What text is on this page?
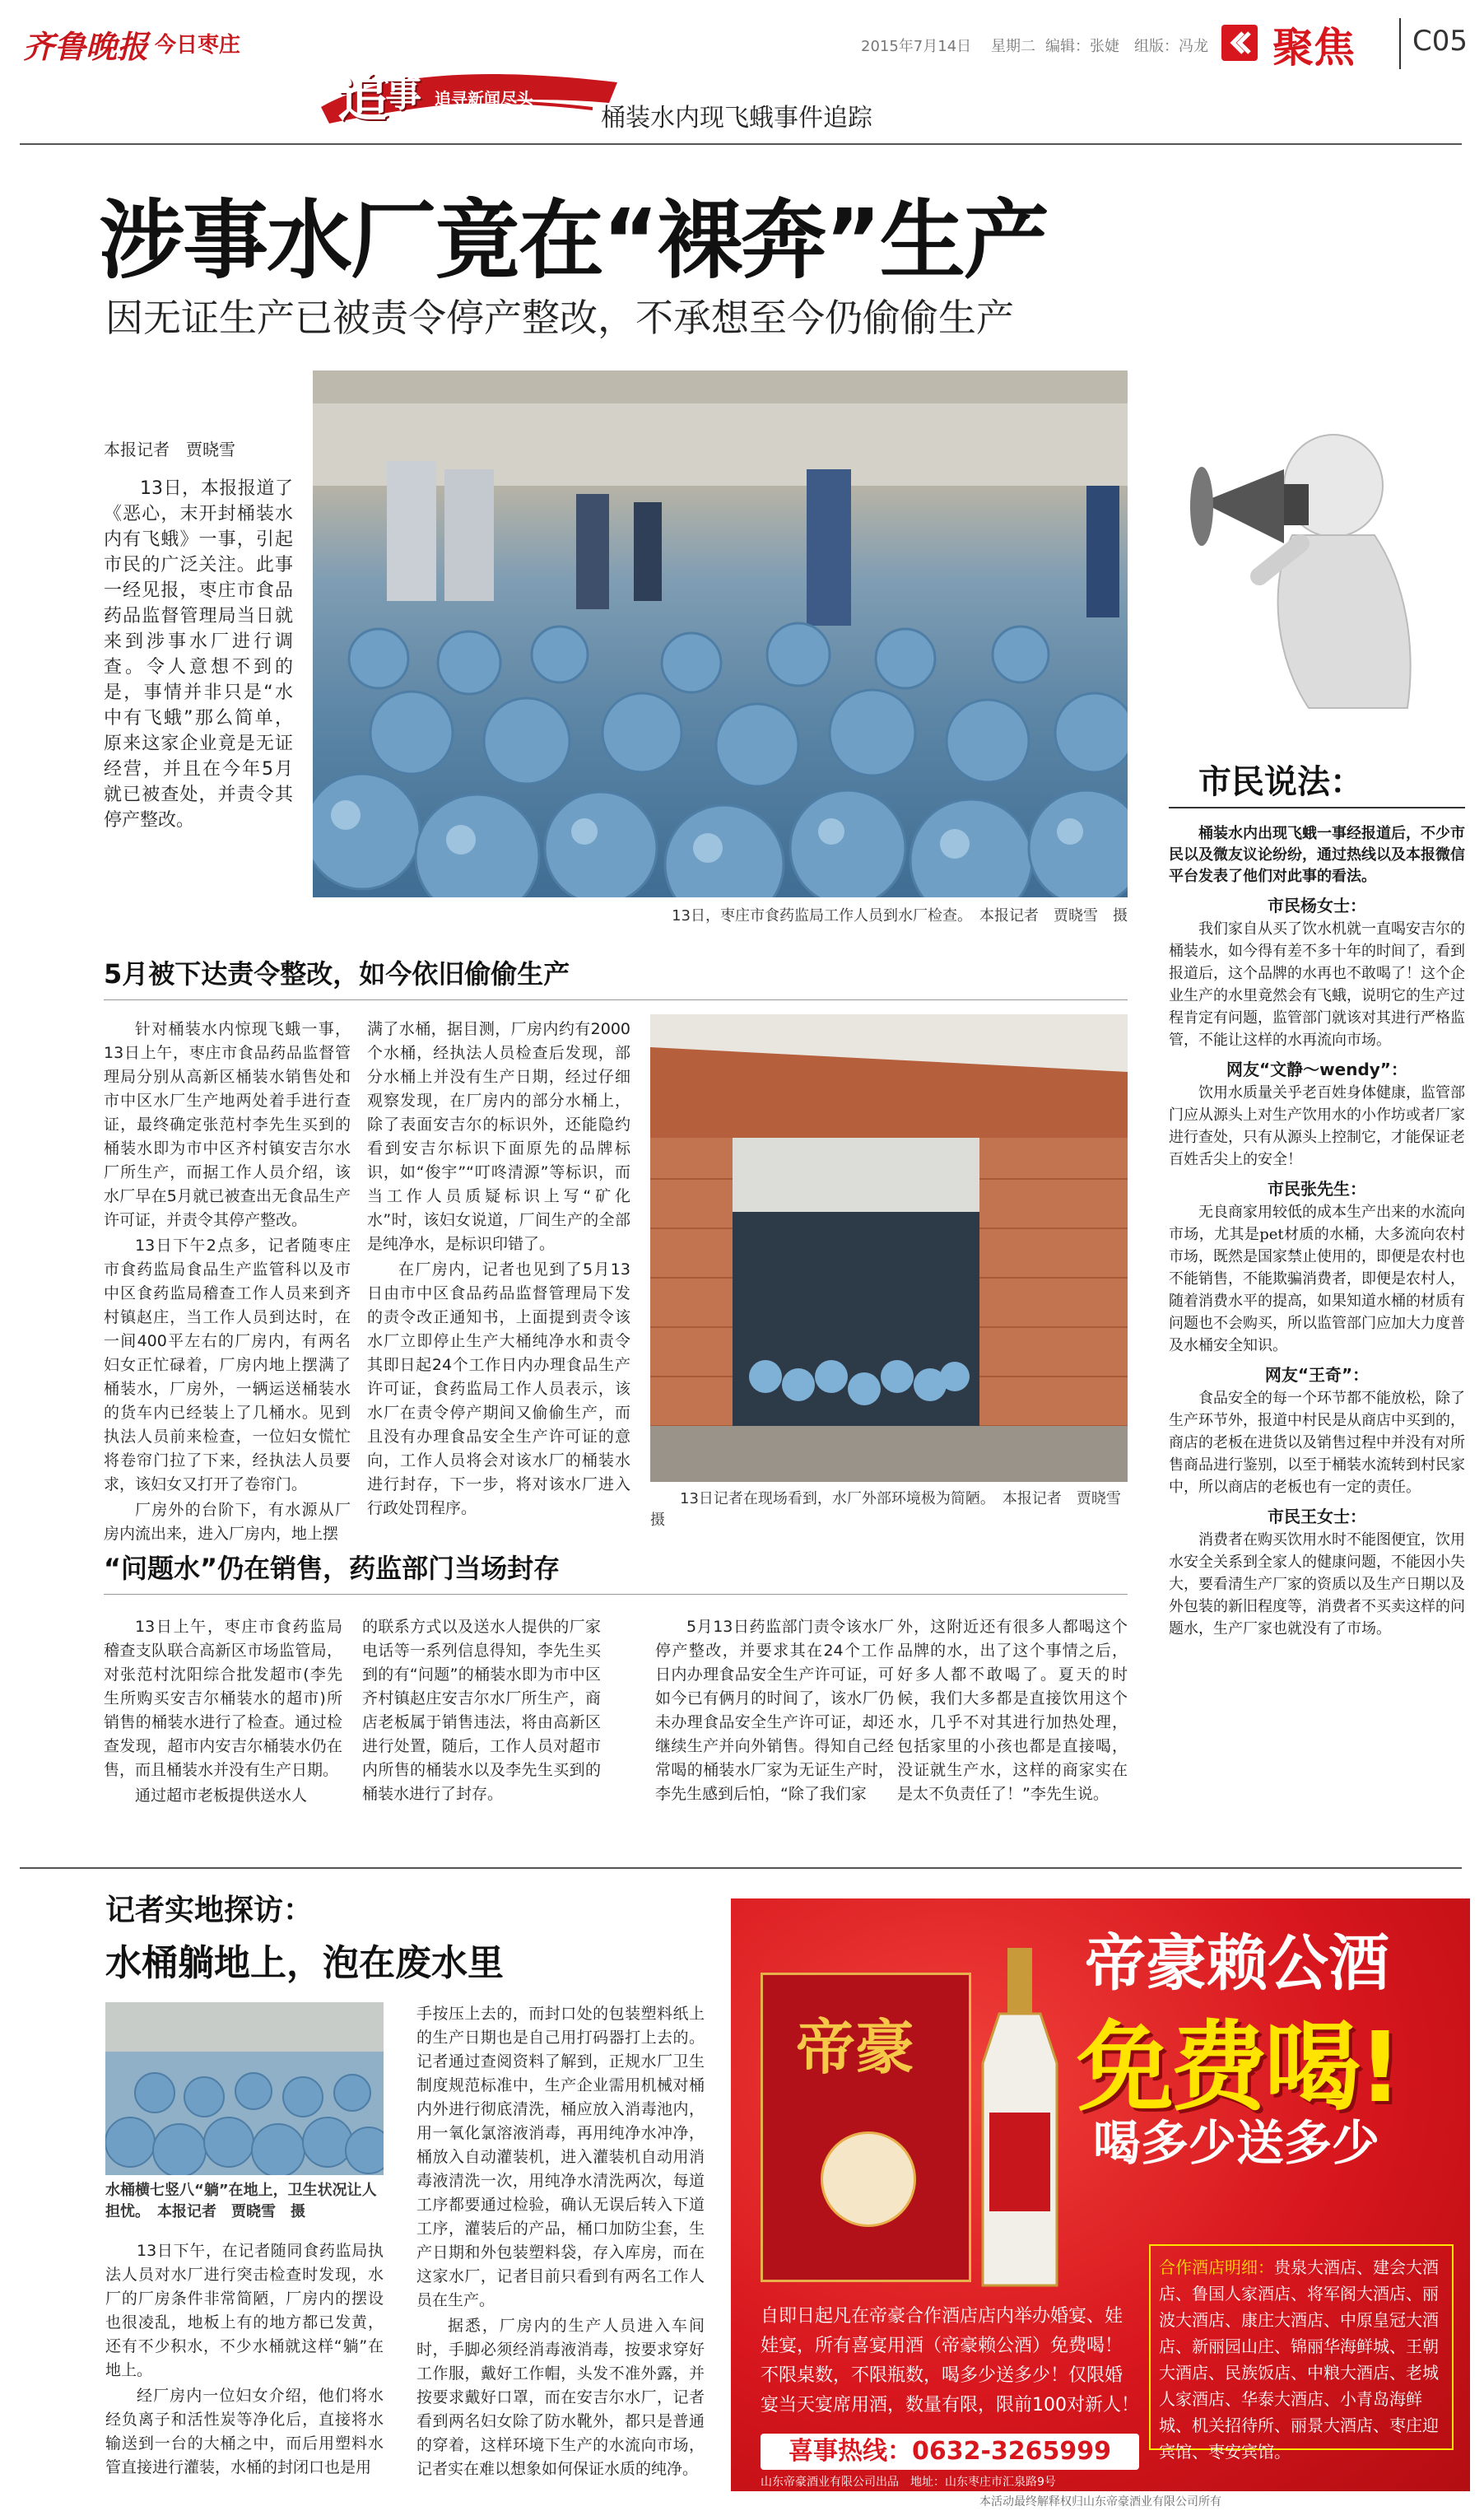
齐鲁晚报 今日枣庄	2015年7月14日 星期二 编辑：张婕 组版：冯龙 聚焦 C05
追
事 追寻新闻尽头
桶装水内现飞蛾事件追踪
涉事水厂竟在“裸奔”生产
因无证生产已被责令停产整改，不承想至今仍偷偷生产
本报记者　贾晓雪

13日，本报报道了《恶心，末开封桶装水内有飞蛾》一事，引起市民的广泛关注。此事一经见报，枣庄市食品药品监督管理局当日就来到涉事水厂进行调查。令人意想不到的是，事情并非只是“水中有飞蛾”那么简单，原来这家企业竟是无证经营，并且在今年5月就已被查处，并责令其停产整改。

13日，枣庄市食药监局工作人员到水厂检查。　本报记者　贾晓雪　摄
5月被下达责令整改，如今依旧偷偷生产

针对桶装水内惊现飞蛾一事，13日上午，枣庄市食品药品监督管理局分别从高新区桶装水销售处和市中区水厂生产地两处着手进行查证，最终确定张范村李先生买到的桶装水即为市中区齐村镇安吉尔水厂所生产，而据工作人员介绍，该水厂早在5月就已被查出无食品生产许可证，并责令其停产整改。

13日下午2点多，记者随枣庄市食药监局食品生产监管科以及市中区食药监局稽查工作人员来到齐村镇赵庄，当工作人员到达时，在一间400平左右的厂房内，有两名妇女正忙碌着，厂房内地上摆满了桶装水，厂房外，一辆运送桶装水的货车内已经装上了几桶水。见到执法人员前来检查，一位妇女慌忙将卷帘门拉了下来，经执法人员要求，该妇女又打开了卷帘门。

厂房外的台阶下，有水源从厂房内流出来，进入厂房内，地上摆

满了水桶，据目测，厂房内约有2000个水桶，经执法人员检查后发现，部分水桶上并没有生产日期，经过仔细观察发现，在厂房内的部分水桶上，除了表面安吉尔的标识外，还能隐约看到安吉尔标识下面原先的品牌标识，如“俊宇”“叮咚清源”等标识，而当工作人员质疑标识上写“矿化水”时，该妇女说道，厂间生产的全部是纯净水，是标识印错了。

在厂房内，记者也见到了5月13日由市中区食品药品监督管理局下发的责令改正通知书，上面提到责令该水厂立即停止生产大桶纯净水和责令其即日起24个工作日内办理食品生产许可证，食药监局工作人员表示，该水厂在责令停产期间又偷偷生产，而且没有办理食品安全生产许可证的意向，工作人员将会对该水厂的桶装水进行封存，下一步，将对该水厂进入行政处罚程序。

13日记者在现场看到，水厂外部环境极为简陋。　本报记者　贾晓雪　摄
“问题水”仍在销售，药监部门当场封存

13日上午，枣庄市食药监局稽查支队联合高新区市场监管局，对张范村沈阳综合批发超市(李先生所购买安吉尔桶装水的超市)所销售的桶装水进行了检查。通过检查发现，超市内安吉尔桶装水仍在售，而且桶装水并没有生产日期。

通过超市老板提供送水人

的联系方式以及送水人提供的厂家电话等一系列信息得知，李先生买到的有“问题”的桶装水即为市中区齐村镇赵庄安吉尔水厂所生产，商店老板属于销售违法，将由高新区进行处置，随后，工作人员对超市内所售的桶装水以及李先生买到的桶装水进行了封存。

5月13日药监部门责令该水厂停产整改，并要求其在24个工作日内办理食品安全生产许可证，可如今已有俩月的时间了，该水厂仍未办理食品安全生产许可证，却还继续生产并向外销售。得知自己经常喝的桶装水厂家为无证生产时，李先生感到后怕，“除了我们家

外，这附近还有很多人都喝这个品牌的水，出了这个事情之后，好多人都不敢喝了。夏天的时候，我们大多都是直接饮用这个水，几乎不对其进行加热处理，包括家里的小孩也都是直接喝，没证就生产水，这样的商家实在是太不负责任了！”李先生说。

市民说法：

桶装水内出现飞蛾一事经报道后，不少市民以及微友议论纷纷，通过热线以及本报微信平台发表了他们对此事的看法。

市民杨女士：

我们家自从买了饮水机就一直喝安吉尔的桶装水，如今得有差不多十年的时间了，看到报道后，这个品牌的水再也不敢喝了！这个企业生产的水里竟然会有飞蛾，说明它的生产过程肯定有问题，监管部门就该对其进行严格监管，不能让这样的水再流向市场。

网友“文静～wendy”：

饮用水质量关乎老百姓身体健康，监管部门应从源头上对生产饮用水的小作坊或者厂家进行查处，只有从源头上控制它，才能保证老百姓舌尖上的安全！

市民张先生：

无良商家用较低的成本生产出来的水流向市场，尤其是pet材质的水桶，大多流向农村市场，既然是国家禁止使用的，即便是农村也不能销售，不能欺骗消费者，即便是农村人，随着消费水平的提高，如果知道水桶的材质有问题也不会购买，所以监管部门应加大力度普及水桶安全知识。

网友“王奇”：

食品安全的每一个环节都不能放松，除了生产环节外，报道中村民是从商店中买到的，商店的老板在进货以及销售过程中并没有对所售商品进行鉴别，以至于桶装水流转到村民家中，所以商店的老板也有一定的责任。

市民王女士：

消费者在购买饮用水时不能图便宜，饮用水安全关系到全家人的健康问题，不能因小失大，要看清生产厂家的资质以及生产日期以及外包装的新旧程度等，消费者不买卖这样的问题水，生产厂家也就没有了市场。

记者实地探访：
水桶躺地上，泡在废水里
水桶横七竖八“躺”在地上，卫生状况让人担忧。　本报记者　贾晓雪　摄

13日下午，在记者随同食药监局执法人员对水厂进行突击检查时发现，水厂的厂房条件非常简陋，厂房内的摆设也很凌乱，地板上有的地方都已发黄，还有不少积水，不少水桶就这样“躺”在地上。

经厂房内一位妇女介绍，他们将水经负离子和活性炭等净化后，直接将水输送到一台的大桶之中，而后用塑料水管直接进行灌装，水桶的封闭口也是用

手按压上去的，而封口处的包装塑料纸上的生产日期也是自己用打码器打上去的。记者通过查阅资料了解到，正规水厂卫生制度规范标准中，生产企业需用机械对桶内外进行彻底清洗，桶应放入消毒池内，用一氧化氯溶液消毒，再用纯净水冲净，桶放入自动灌装机，进入灌装机自动用消毒液清洗一次，用纯净水清洗两次，每道工序都要通过检验，确认无误后转入下道工序，灌装后的产品，桶口加防尘套，生产日期和外包装塑料袋，存入库房，而在这家水厂，记者目前只看到有两名工作人员在生产。

据悉，厂房内的生产人员进入车间时，手脚必须经消毒液消毒，按要求穿好工作服，戴好工作帽，头发不准外露，并按要求戴好口罩，而在安吉尔水厂，记者看到两名妇女除了防水靴外，都只是普通的穿着，这样环境下生产的水流向市场，记者实在难以想象如何保证水质的纯净。

帝豪
帝豪赖公酒
免费喝!
喝多少送多少
自即日起凡在帝豪合作酒店店内举办婚宴、娃娃宴，所有喜宴用酒（帝豪赖公酒）免费喝！不限桌数，不限瓶数，喝多少送多少！仅限婚宴当天宴席用酒，数量有限，限前100对新人！
合作酒店明细：贵泉大酒店、建会大酒店、鲁国人家酒店、将军阁大酒店、丽波大酒店、康庄大酒店、中原皇冠大酒店、新丽园山庄、锦丽华海鲜城、王朝大酒店、民族饭店、中粮大酒店、老城人家酒店、华泰大酒店、小青岛海鲜城、机关招待所、丽景大酒店、枣庄迎宾馆、枣安宾馆。
喜事热线：0632-3265999
山东帝豪酒业有限公司出品　地址：山东枣庄市汇泉路9号
本活动最终解释权归山东帝豪酒业有限公司所有
